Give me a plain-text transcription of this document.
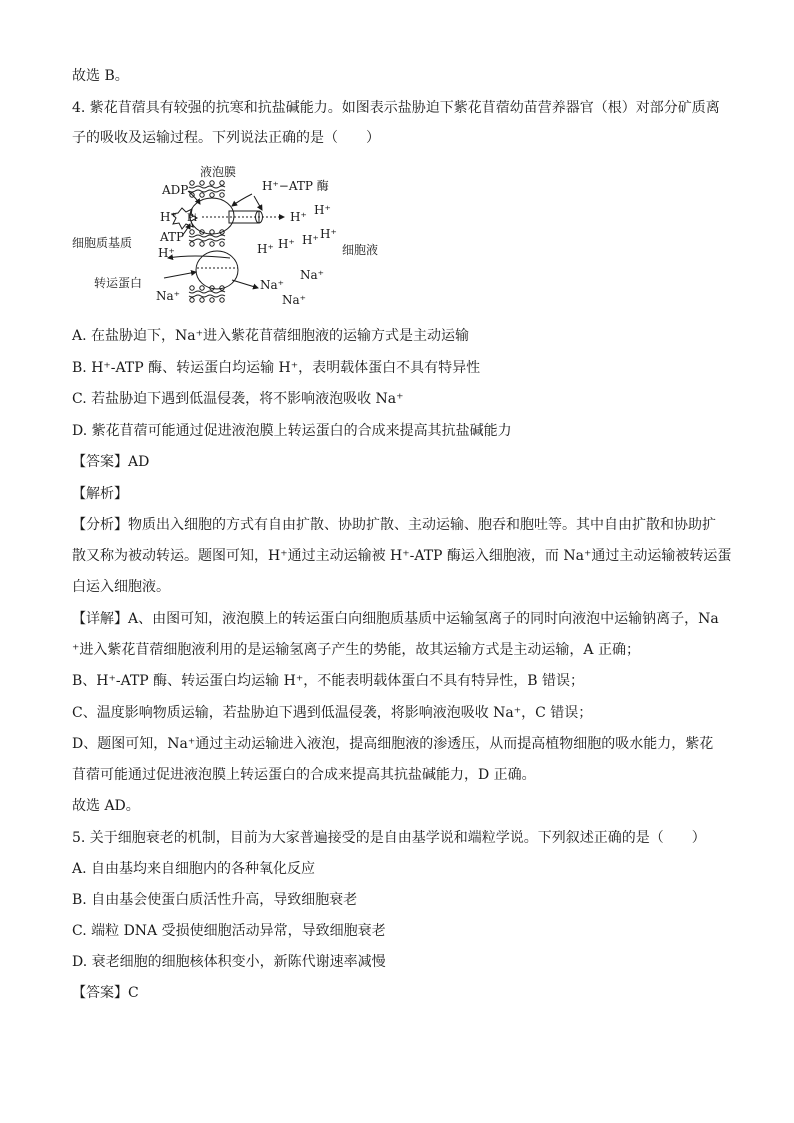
故选 B。
4. 紫花苜蓿具有较强的抗寒和抗盐碱能力。如图表示盐胁迫下紫花苜蓿幼苗营养器官（根）对部分矿质离
子的吸收及运输过程。下列说法正确的是（　　）
A. 在盐胁迫下，Na⁺进入紫花苜蓿细胞液的运输方式是主动运输
B. H⁺-ATP 酶、转运蛋白均运输 H⁺，表明载体蛋白不具有特异性
C. 若盐胁迫下遇到低温侵袭，将不影响液泡吸收 Na⁺
D. 紫花苜蓿可能通过促进液泡膜上转运蛋白的合成来提高其抗盐碱能力
【答案】AD
【解析】
【分析】物质出入细胞的方式有自由扩散、协助扩散、主动运输、胞吞和胞吐等。其中自由扩散和协助扩
散又称为被动转运。题图可知，H⁺通过主动运输被 H⁺-ATP 酶运入细胞液，而 Na⁺通过主动运输被转运蛋
白运入细胞液。
【详解】A、由图可知，液泡膜上的转运蛋白向细胞质基质中运输氢离子的同时向液泡中运输钠离子，Na
⁺进入紫花苜蓿细胞液利用的是运输氢离子产生的势能，故其运输方式是主动运输，A 正确；
B、H⁺-ATP 酶、转运蛋白均运输 H⁺，不能表明载体蛋白不具有特异性，B 错误；
C、温度影响物质运输，若盐胁迫下遇到低温侵袭，将影响液泡吸收 Na⁺，C 错误；
D、题图可知，Na⁺通过主动运输进入液泡，提高细胞液的渗透压，从而提高植物细胞的吸水能力，紫花
苜蓿可能通过促进液泡膜上转运蛋白的合成来提高其抗盐碱能力，D 正确。
故选 AD。
5. 关于细胞衰老的机制，目前为大家普遍接受的是自由基学说和端粒学说。下列叙述正确的是（　　）
A. 自由基均来自细胞内的各种氧化反应
B. 自由基会使蛋白质活性升高，导致细胞衰老
C. 端粒 DNA 受损使细胞活动异常，导致细胞衰老
D. 衰老细胞的细胞核体积变小，新陈代谢速率减慢
【答案】C
液泡膜
ADP	H⁺−ATP 酶
Pi
H⁺	H⁺ H⁺
细胞质基质 ATP
H⁺	H⁺ H⁺ H⁺ H⁺
细胞液
转运蛋白
Na⁺
Na⁺
Na⁺
Na⁺
